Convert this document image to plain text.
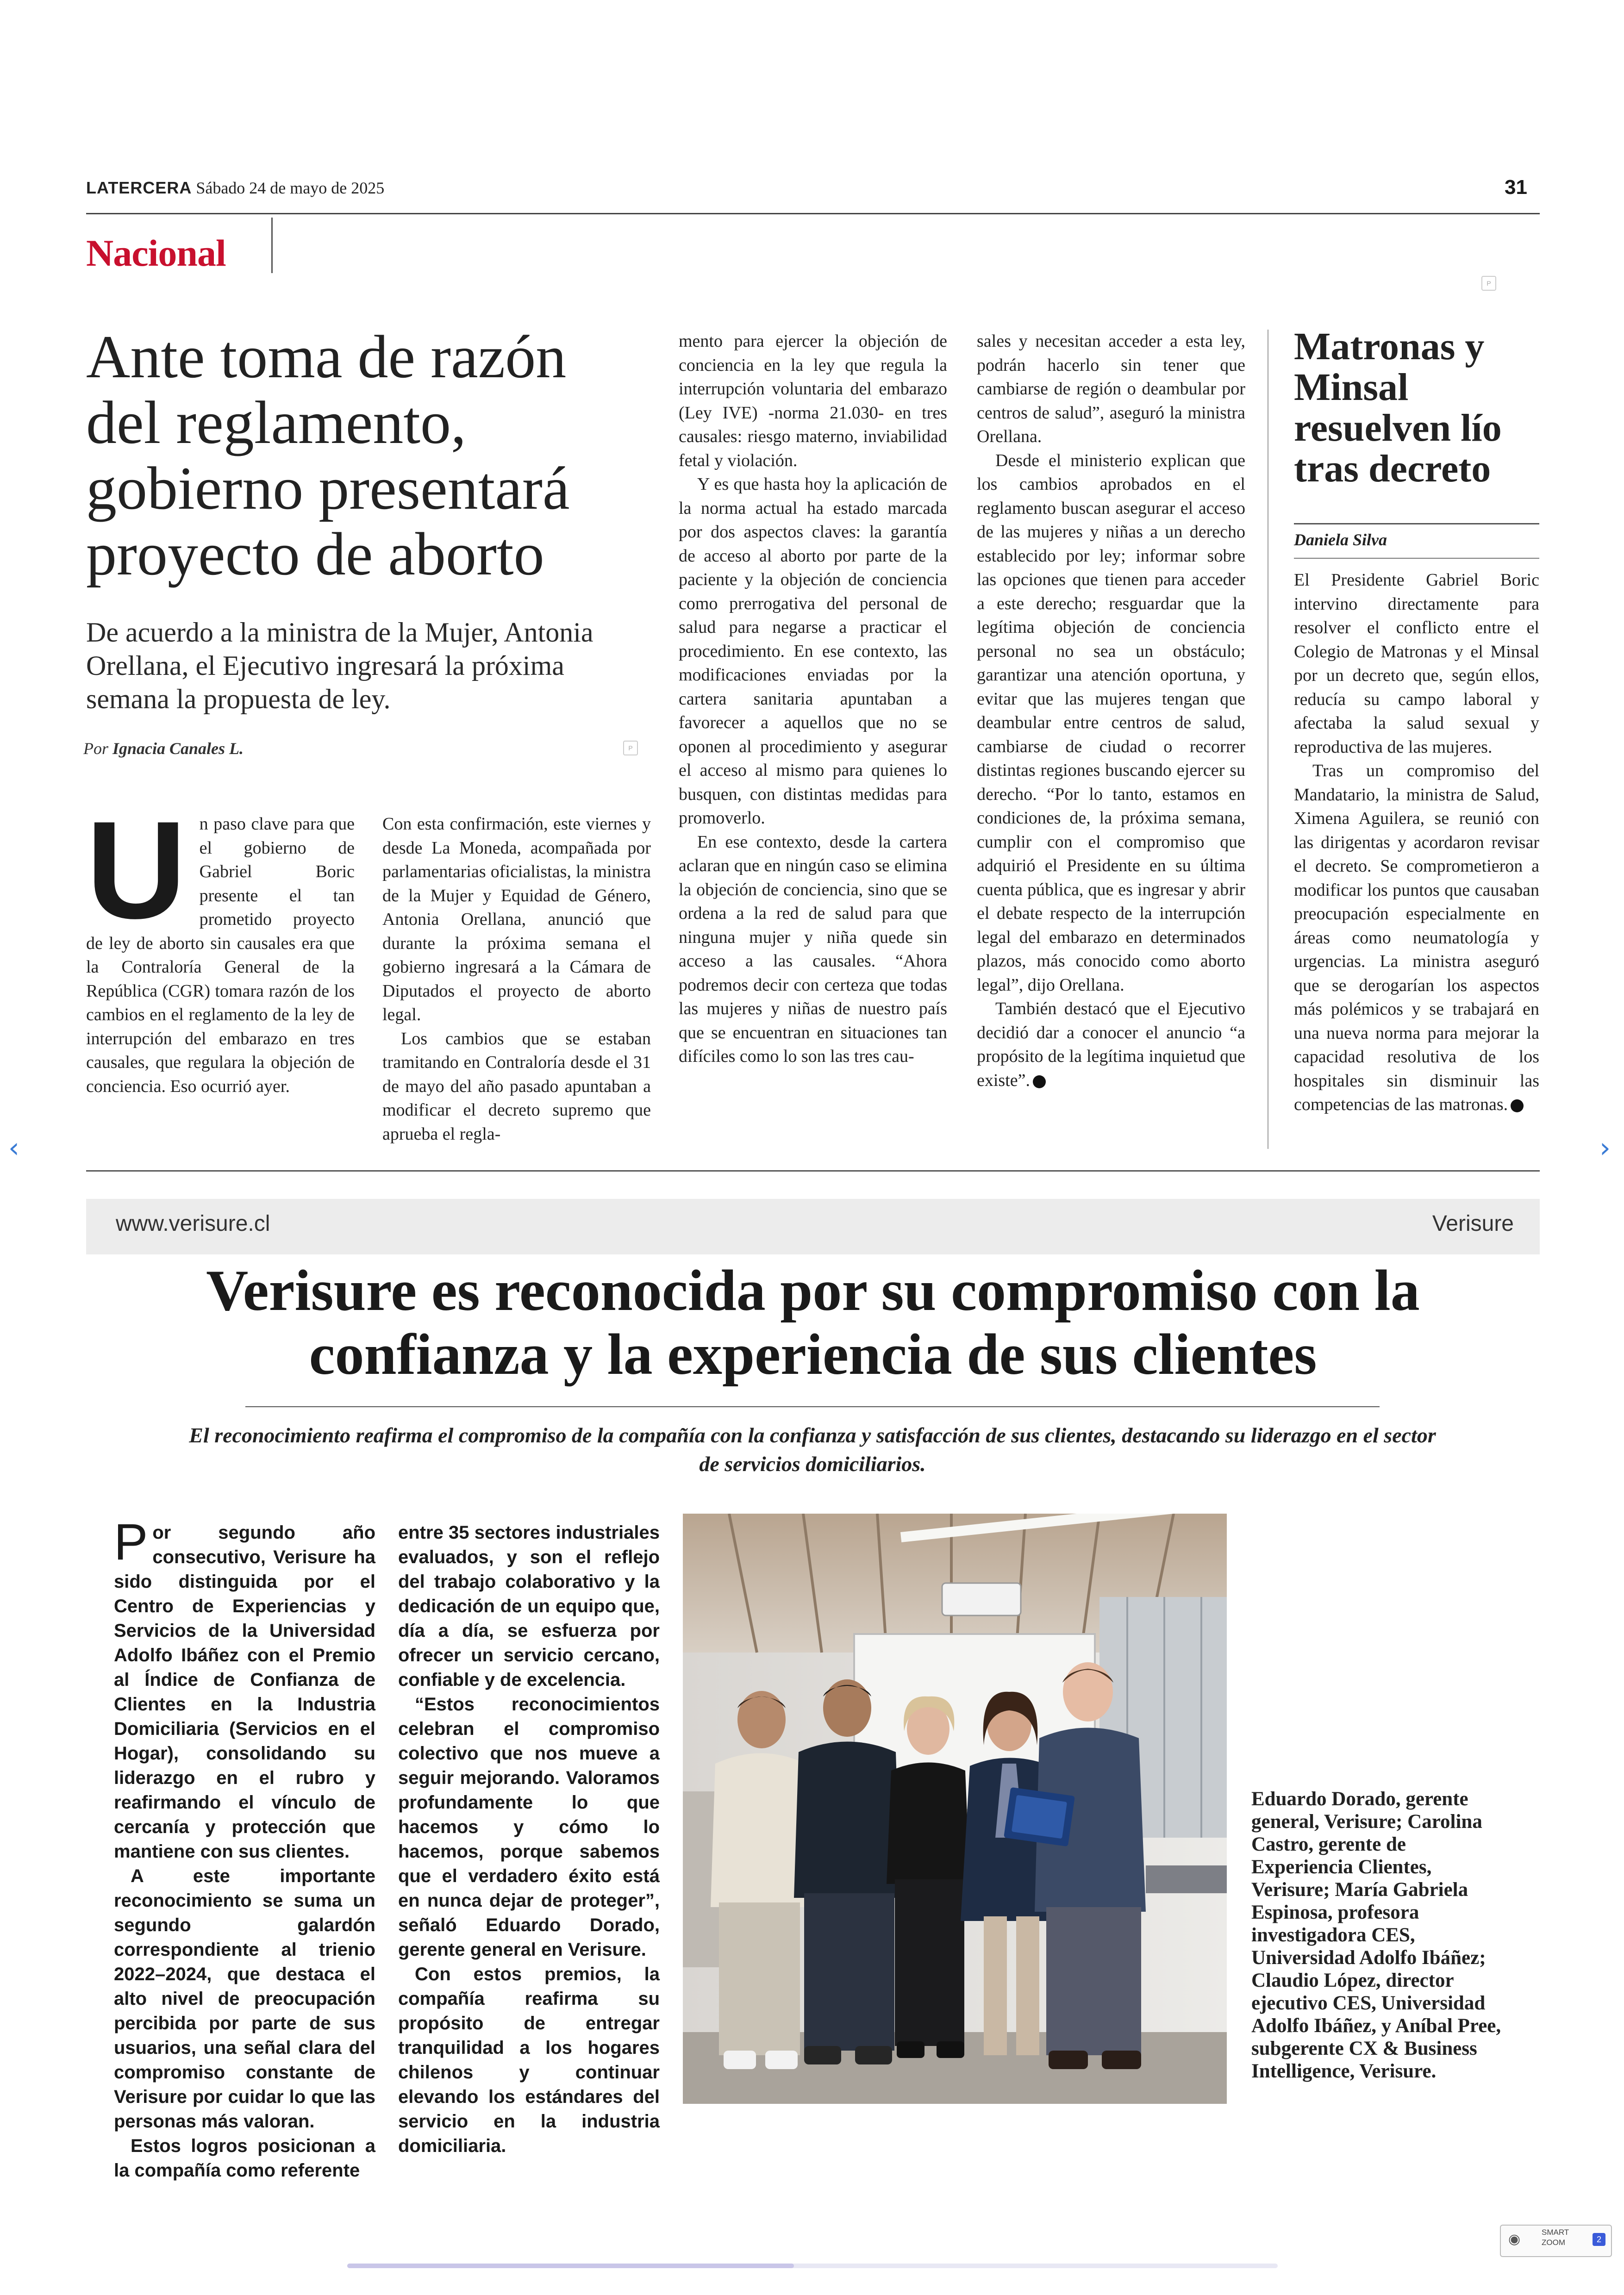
LATERCERA Sábado 24 de mayo de 2025	31
Nacional
P
Ante toma de razón del reglamento, gobierno presentará proyecto de aborto
De acuerdo a la ministra de la Mujer, Antonia Orellana, el Ejecutivo ingresará la próxima semana la propuesta de ley.
Por Ignacia Canales L.	P
U n paso clave para que el gobierno de Gabriel Boric presente el tan prometido proyecto de ley de aborto sin causales era que la Contraloría General de la República (CGR) tomara razón de los cambios en el reglamento de la ley de interrupción del embarazo en tres causales, que regulara la objeción de conciencia. Eso ocurrió ayer.

Con esta confirmación, este viernes y desde La Moneda, acompañada por parlamentarias oficialistas, la ministra de la Mujer y Equidad de Género, Antonia Orellana, anunció que durante la próxima semana el gobierno ingresará a la Cámara de Diputados el proyecto de aborto legal.

Los cambios que se estaban tramitando en Contraloría desde el 31 de mayo del año pasado apuntaban a modificar el decreto supremo que aprueba el regla-

mento para ejercer la objeción de conciencia en la ley que regula la interrupción voluntaria del embarazo (Ley IVE) -norma 21.030- en tres causales: riesgo materno, inviabilidad fetal y violación.

Y es que hasta hoy la aplicación de la norma actual ha estado marcada por dos aspectos claves: la garantía de acceso al aborto por parte de la paciente y la objeción de conciencia como prerrogativa del personal de salud para negarse a practicar el procedimiento. En ese contexto, las modificaciones enviadas por la cartera sanitaria apuntaban a favorecer a aquellos que no se oponen al procedimiento y asegurar el acceso al mismo para quienes lo busquen, con distintas medidas para promoverlo.

En ese contexto, desde la cartera aclaran que en ningún caso se elimina la objeción de conciencia, sino que se ordena a la red de salud para que ninguna mujer y niña quede sin acceso a las causales. “Ahora podremos decir con certeza que todas las mujeres y niñas de nuestro país que se encuentran en situaciones tan difíciles como lo son las tres cau-

sales y necesitan acceder a esta ley, podrán hacerlo sin tener que cambiarse de región o deambular por centros de salud”, aseguró la ministra Orellana.

Desde el ministerio explican que los cambios aprobados en el reglamento buscan asegurar el acceso de las mujeres y niñas a un derecho establecido por ley; informar sobre las opciones que tienen para acceder a este derecho; resguardar que la legítima objeción de conciencia personal no sea un obstáculo; garantizar una atención oportuna, y evitar que las mujeres tengan que deambular entre centros de salud, cambiarse de ciudad o recorrer distintas regiones buscando ejercer su derecho. “Por lo tanto, estamos en condiciones de, la próxima semana, cumplir con el compromiso que adquirió el Presidente en su última cuenta pública, que es ingresar y abrir el debate respecto de la interrupción legal del embarazo en determinados plazos, más conocido como aborto legal”, dijo Orellana.

También destacó que el Ejecutivo decidió dar a conocer el anuncio “a propósito de la legítima inquietud que existe”.

Matronas y Minsal resuelven lío tras decreto
Daniela Silva

El Presidente Gabriel Boric intervino directamente para resolver el conflicto entre el Colegio de Matronas y el Minsal por un decreto que, según ellos, reducía su campo laboral y afectaba la salud sexual y reproductiva de las mujeres.

Tras un compromiso del Mandatario, la ministra de Salud, Ximena Aguilera, se reunió con las dirigentas y acordaron revisar el decreto. Se comprometieron a modificar los puntos que causaban preocupación especialmente en áreas como neumatología y urgencias. La ministra aseguró que se derogarían los aspectos más polémicos y se trabajará en una nueva norma para mejorar la capacidad resolutiva de los hospitales sin disminuir las competencias de las matronas.

www.verisure.cl	Verisure
Verisure es reconocida por su compromiso con la confianza y la experiencia de sus clientes
El reconocimiento reafirma el compromiso de la compañía con la confianza y satisfacción de sus clientes, destacando su liderazgo en el sector de servicios domiciliarios.
P or segundo año consecutivo, Verisure ha sido distinguida por el Centro de Experiencias y Servicios de la Universidad Adolfo Ibáñez con el Premio al Índice de Confianza de Clientes en la Industria Domiciliaria (Servicios en el Hogar), consolidando su liderazgo en el rubro y reafirmando el vínculo de cercanía y protección que mantiene con sus clientes.

A este importante reconocimiento se suma un segundo galardón correspondiente al trienio 2022–2024, que destaca el alto nivel de preocupación percibida por parte de sus usuarios, una señal clara del compromiso constante de Verisure por cuidar lo que las personas más valoran.

Estos logros posicionan a la compañía como referente

entre 35 sectores industriales evaluados, y son el reflejo del trabajo colaborativo y la dedicación de un equipo que, día a día, se esfuerza por ofrecer un servicio cercano, confiable y de excelencia.

“Estos reconocimientos celebran el compromiso colectivo que nos mueve a seguir mejorando. Valoramos profundamente lo que hacemos y cómo lo hacemos, porque sabemos que el verdadero éxito está en nunca dejar de proteger”, señaló Eduardo Dorado, gerente general en Verisure.

Con estos premios, la compañía reafirma su propósito de entregar tranquilidad a los hogares chilenos y continuar elevando los estándares del servicio en la industria domiciliaria.

Eduardo Dorado, gerente general, Verisure; Carolina Castro, gerente de Experiencia Clientes, Verisure; María Gabriela Espinosa, profesora investigadora CES, Universidad Adolfo Ibáñez; Claudio López, director ejecutivo CES, Universidad Adolfo Ibáñez, y Aníbal Pree, subgerente CX & Business Intelligence, Verisure.
‹	›
◉	SMART
ZOOM	2
